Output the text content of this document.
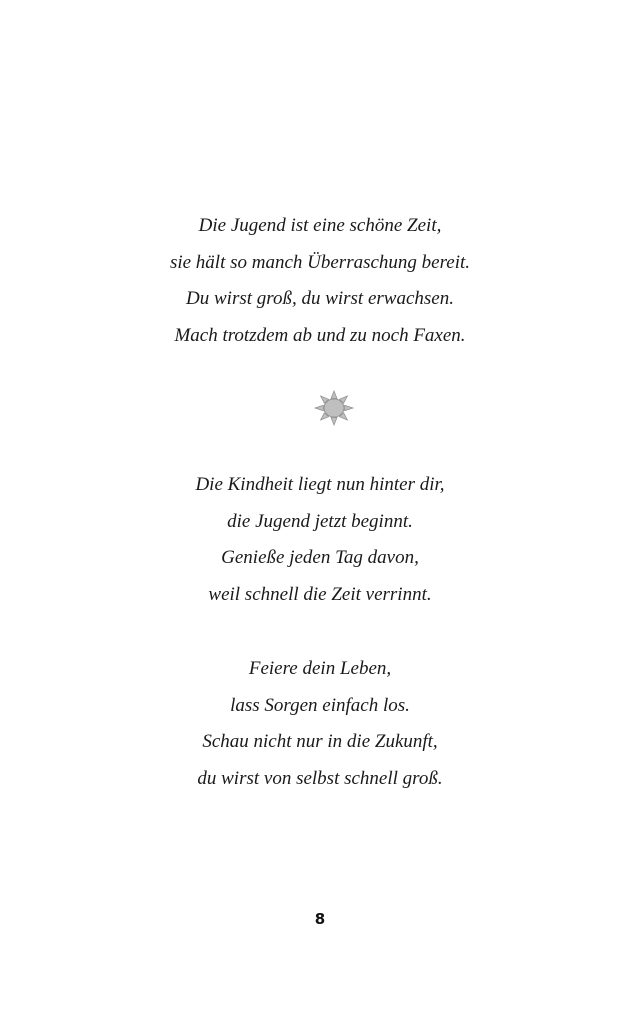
Die Jugend ist eine schöne Zeit,
sie hält so manch Überraschung bereit.
Du wirst groß, du wirst erwachsen.
Mach trotzdem ab und zu noch Faxen.
Die Kindheit liegt nun hinter dir,
die Jugend jetzt beginnt.
Genieße jeden Tag davon,
weil schnell die Zeit verrinnt.
Feiere dein Leben,
lass Sorgen einfach los.
Schau nicht nur in die Zukunft,
du wirst von selbst schnell groß.
8
